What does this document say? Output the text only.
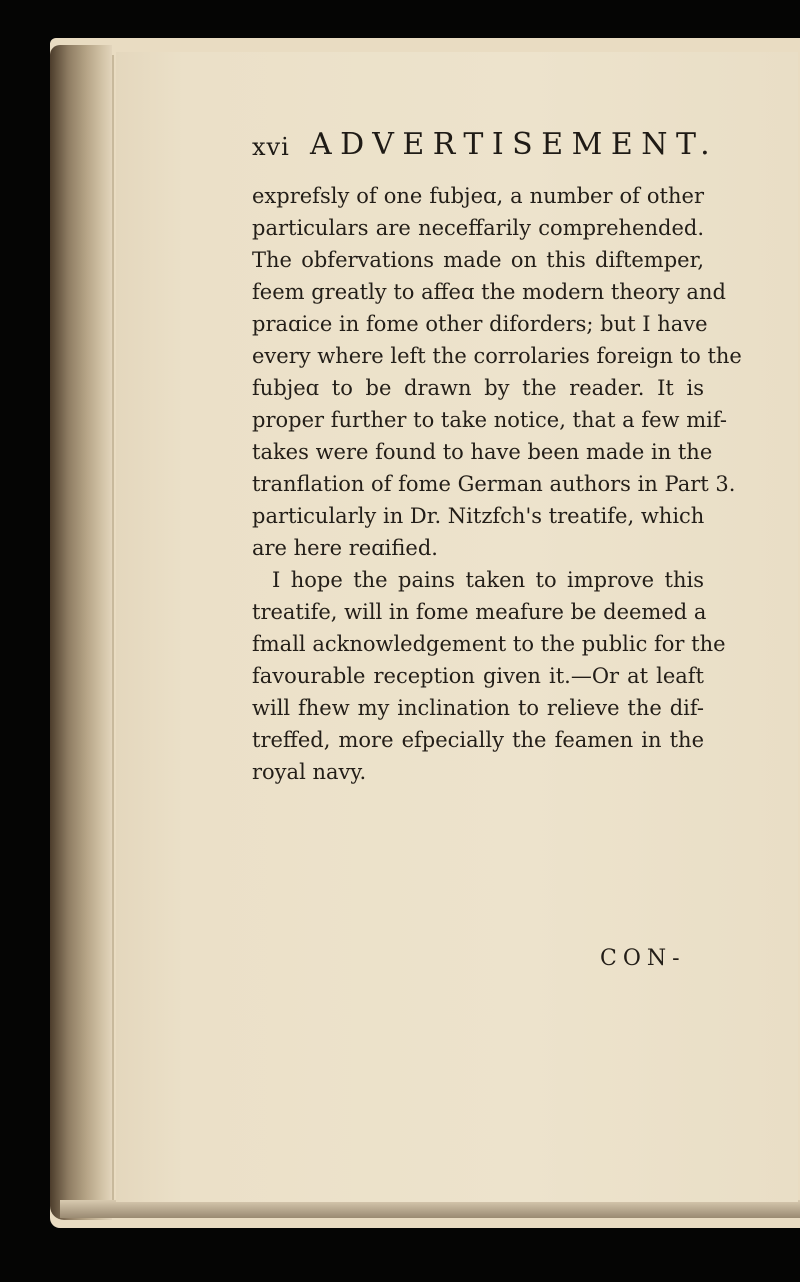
xvi ADVERTISEMENT.
exprefsly of one fubjeɑ, a number of other
particulars are neceffarily comprehended.
The obfervations made on this diftemper,
feem greatly to affeɑ the modern theory and
praɑice in fome other diforders; but I have
every where left the corrolaries foreign to the
fubjeɑ to be drawn by the reader. It is
proper further to take notice, that a few mif-
takes were found to have been made in the
tranflation of fome German authors in Part 3.
particularly in Dr. Nitzfch's treatife, which
are here reɑified.
I hope the pains taken to improve this
treatife, will in fome meafure be deemed a
fmall acknowledgement to the public for the
favourable reception given it.—Or at leaft
will fhew my inclination to relieve the dif-
treffed, more efpecially the feamen in the
royal navy.
CON-
